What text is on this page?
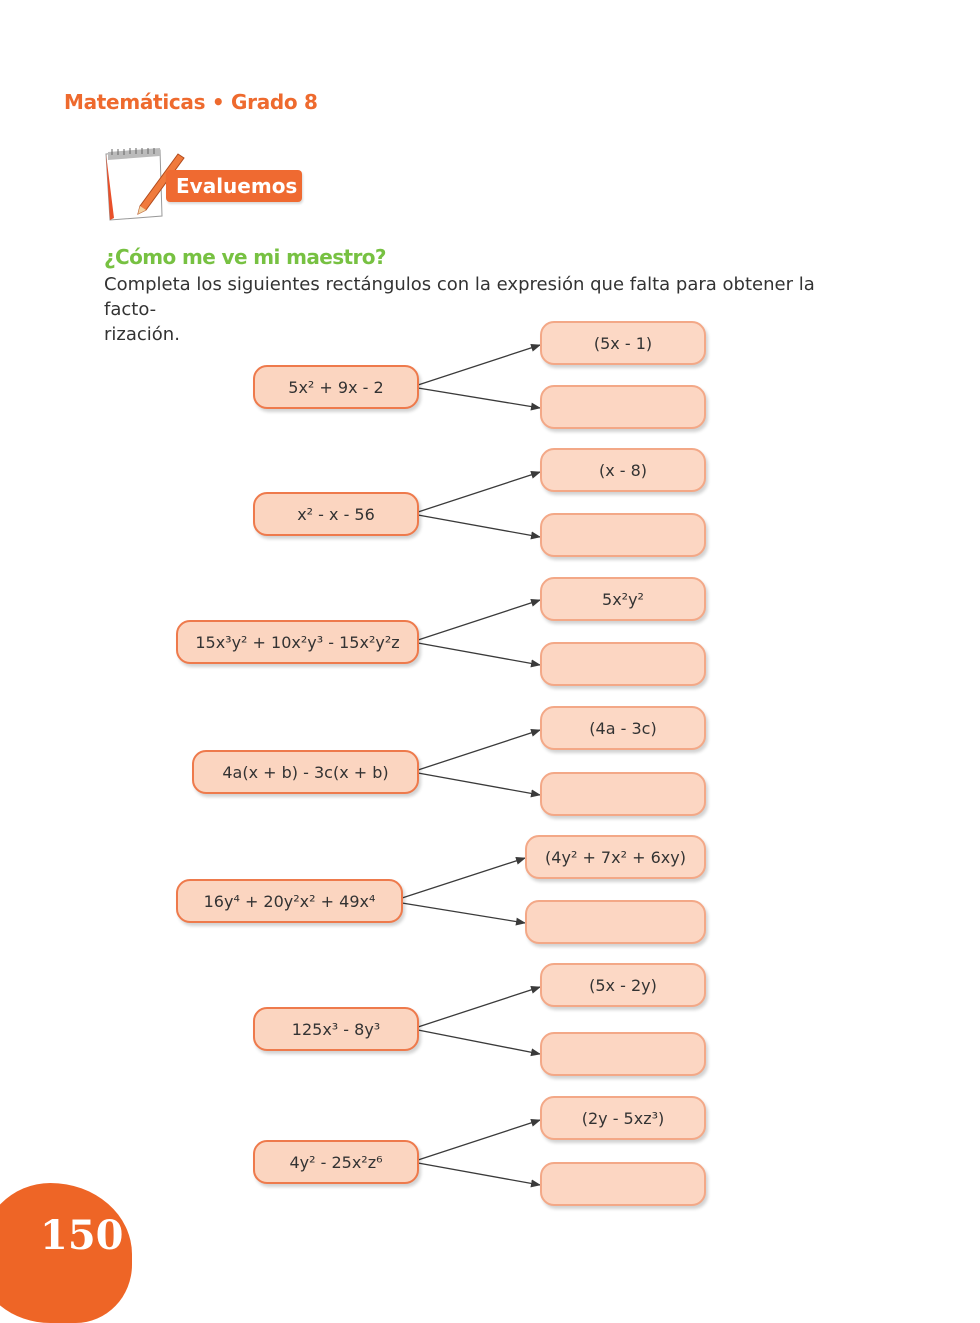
Matemáticas • Grado 8
Evaluemos
¿Cómo me ve mi maestro?
Completa los siguientes rectángulos con la expresión que falta para obtener la facto-
rización.
5x² + 9x - 2
(5x - 1)
x² - x - 56
(x - 8)
15x³y² + 10x²y³ - 15x²y²z
5x²y²
4a(x + b) - 3c(x + b)
(4a - 3c)
16y⁴ + 20y²x² + 49x⁴
(4y² + 7x² + 6xy)
125x³ - 8y³
(5x - 2y)
4y² - 25x²z⁶
(2y - 5xz³)
150
